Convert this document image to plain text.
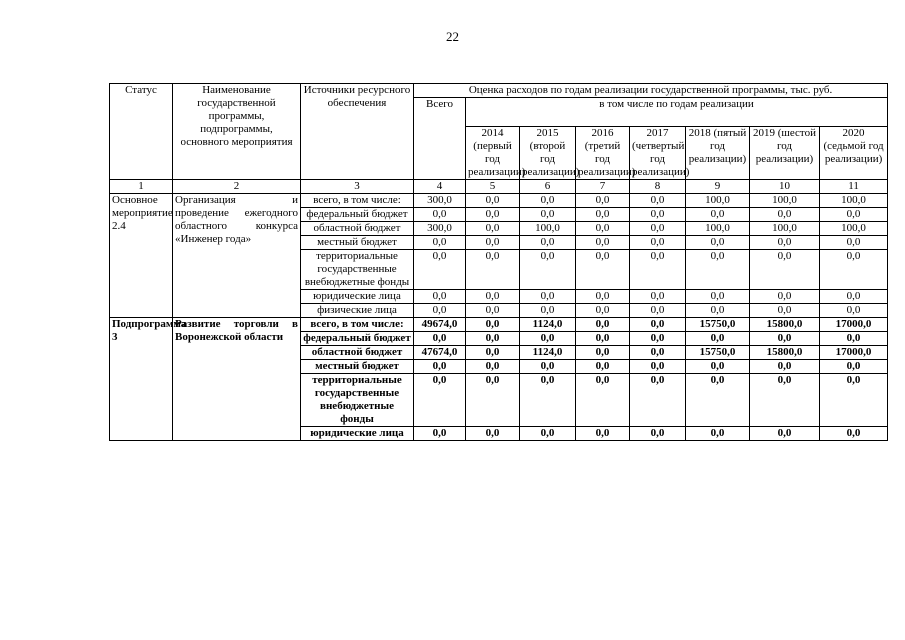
22
Статус	Наименование государственной программы, подпрограммы, основного мероприятия	Источники ресурсного обеспечения	Оценка расходов по годам реализации государственной программы, тыс. руб.							
			Всего	в том числе по годам реализации						
				2014 (первый год реализации)	2015 (второй год реализации)	2016 (третий год реализации)	2017 (четвертый год реализации)	2018 (пятый год реализации)	2019 (шестой год реализации)	2020 (седьмой год реализации)
1	2	3	4	5	6	7	8	9	10	11
Основное мероприятие 2.4	Организация и проведение ежегодного областного конкурса «Инженер года»	всего, в том числе:	300,0	0,0	0,0	0,0	0,0	100,0	100,0	100,0
		федеральный бюджет	0,0	0,0	0,0	0,0	0,0	0,0	0,0	0,0
		областной бюджет	300,0	0,0	100,0	0,0	0,0	100,0	100,0	100,0
		местный бюджет	0,0	0,0	0,0	0,0	0,0	0,0	0,0	0,0
		территориальные государственные внебюджетные фонды	0,0	0,0	0,0	0,0	0,0	0,0	0,0	0,0
		юридические лица	0,0	0,0	0,0	0,0	0,0	0,0	0,0	0,0
		физические лица	0,0	0,0	0,0	0,0	0,0	0,0	0,0	0,0
Подпрограмма 3	Развитие торговли в Воронежской области	всего, в том числе:	49674,0	0,0	1124,0	0,0	0,0	15750,0	15800,0	17000,0
		федеральный бюджет	0,0	0,0	0,0	0,0	0,0	0,0	0,0	0,0
		областной бюджет	47674,0	0,0	1124,0	0,0	0,0	15750,0	15800,0	17000,0
		местный бюджет	0,0	0,0	0,0	0,0	0,0	0,0	0,0	0,0
		территориальные государственные внебюджетные фонды	0,0	0,0	0,0	0,0	0,0	0,0	0,0	0,0
		юридические лица	0,0	0,0	0,0	0,0	0,0	0,0	0,0	0,0
